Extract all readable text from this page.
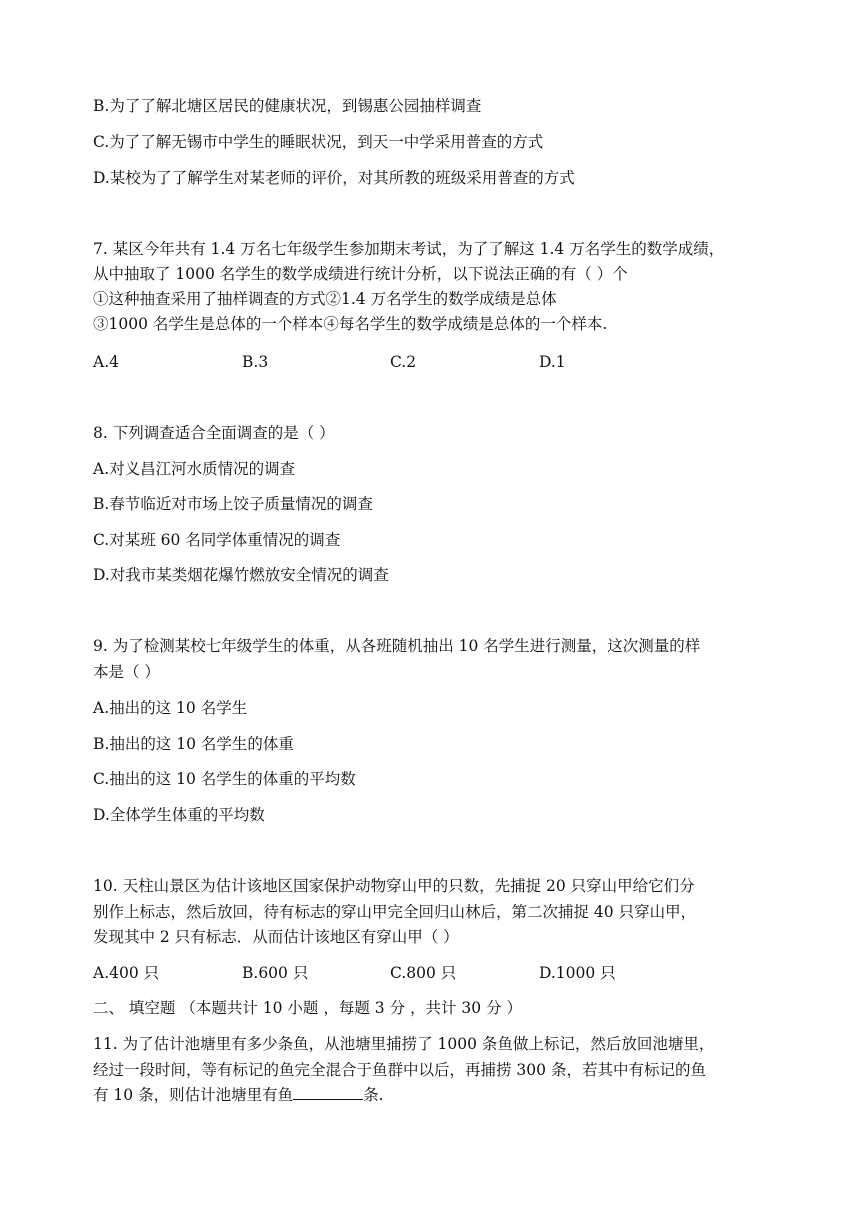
B.为了了解北塘区居民的健康状况，到锡惠公园抽样调查
C.为了了解无锡市中学生的睡眠状况，到天一中学采用普查的方式
D.某校为了了解学生对某老师的评价，对其所教的班级采用普查的方式
7. 某区今年共有 1.4 万名七年级学生参加期末考试，为了了解这 1.4 万名学生的数学成绩，
从中抽取了 1000 名学生的数学成绩进行统计分析，以下说法正确的有（ ）个
①这种抽查采用了抽样调查的方式②1.4 万名学生的数学成绩是总体
③1000 名学生是总体的一个样本④每名学生的数学成绩是总体的一个样本.
A.4	B.3	C.2	D.1
8. 下列调查适合全面调查的是（ ）
A.对义昌江河水质情况的调查
B.春节临近对市场上饺子质量情况的调查
C.对某班 60 名同学体重情况的调查
D.对我市某类烟花爆竹燃放安全情况的调查
9. 为了检测某校七年级学生的体重，从各班随机抽出 10 名学生进行测量，这次测量的样
本是（ ）
A.抽出的这 10 名学生
B.抽出的这 10 名学生的体重
C.抽出的这 10 名学生的体重的平均数
D.全体学生体重的平均数
10. 天柱山景区为估计该地区国家保护动物穿山甲的只数，先捕捉 20 只穿山甲给它们分
别作上标志，然后放回，待有标志的穿山甲完全回归山林后，第二次捕捉 40 只穿山甲，
发现其中 2 只有标志．从而估计该地区有穿山甲（ ）
A.400 只	B.600 只	C.800 只	D.1000 只
二、 填空题 （本题共计 10 小题 ，每题 3 分 ，共计 30 分 ）
11. 为了估计池塘里有多少条鱼，从池塘里捕捞了 1000 条鱼做上标记，然后放回池塘里，
经过一段时间，等有标记的鱼完全混合于鱼群中以后，再捕捞 300 条，若其中有标记的鱼
有 10 条，则估计池塘里有鱼	条.
